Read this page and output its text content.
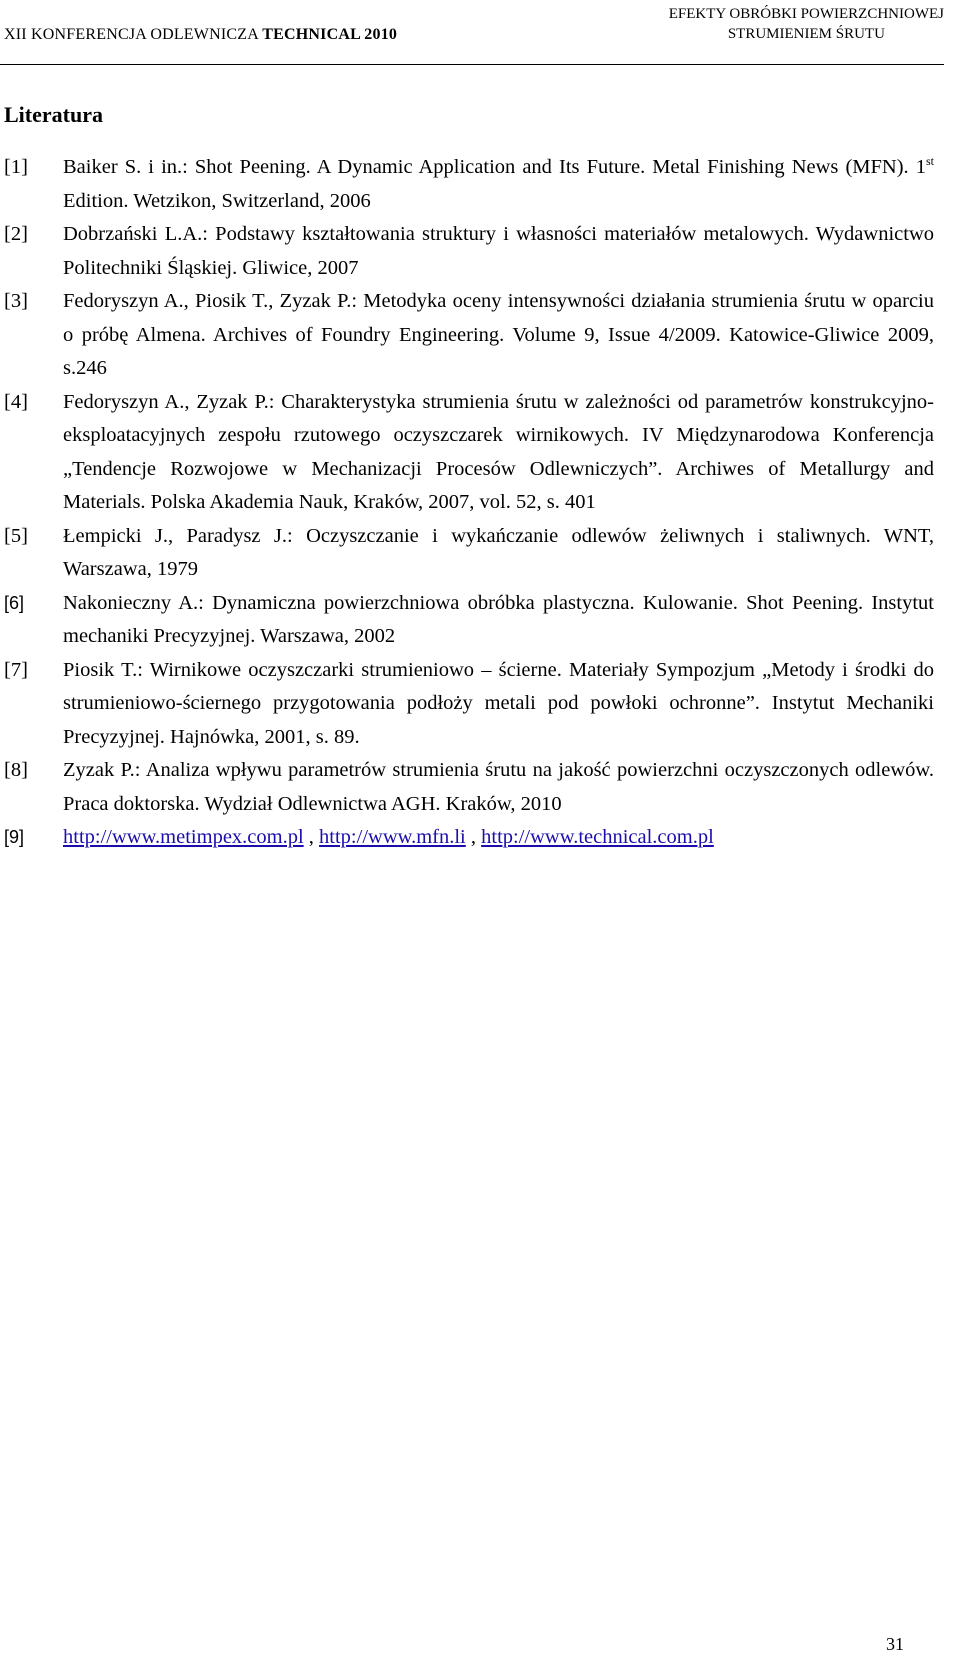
XII KONFERENCJA ODLEWNICZA TECHNICAL 2010
EFEKTY OBRÓBKI POWIERZCHNIOWEJ
STRUMIENIEM ŚRUTU
Literatura
[1] Baiker S. i in.: Shot Peening. A Dynamic Application and Its Future. Metal Finishing News (MFN). 1st Edition. Wetzikon, Switzerland, 2006
[2] Dobrzański L.A.: Podstawy kształtowania struktury i własności materiałów metalowych. Wydawnictwo Politechniki Śląskiej. Gliwice, 2007
[3] Fedoryszyn A., Piosik T., Zyzak P.: Metodyka oceny intensywności działania strumienia śrutu w oparciu o próbę Almena. Archives of Foundry Engineering. Volume 9, Issue 4/2009. Katowice-Gliwice 2009, s.246
[4] Fedoryszyn A., Zyzak P.: Charakterystyka strumienia śrutu w zależności od parametrów konstrukcyjno-eksploatacyjnych zespołu rzutowego oczyszczarek wirnikowych. IV Międzynarodowa Konferencja „Tendencje Rozwojowe w Mechanizacji Procesów Odlewniczych”. Archiwes of Metallurgy and Materials. Polska Akademia Nauk, Kraków, 2007, vol. 52, s. 401
[5] Łempicki J., Paradysz J.: Oczyszczanie i wykańczanie odlewów żeliwnych i staliwnych. WNT, Warszawa, 1979
[6] Nakonieczny A.: Dynamiczna powierzchniowa obróbka plastyczna. Kulowanie. Shot Peening. Instytut mechaniki Precyzyjnej. Warszawa, 2002
[7] Piosik T.: Wirnikowe oczyszczarki strumieniowo – ścierne. Materiały Sympozjum „Metody i środki do strumieniowo-ściernego przygotowania podłoży metali pod powłoki ochronne”. Instytut Mechaniki Precyzyjnej. Hajnówka, 2001, s. 89.
[8] Zyzak P.: Analiza wpływu parametrów strumienia śrutu na jakość powierzchni oczyszczonych odlewów. Praca doktorska. Wydział Odlewnictwa AGH. Kraków, 2010
[9] http://www.metimpex.com.pl , http://www.mfn.li , http://www.technical.com.pl
31
